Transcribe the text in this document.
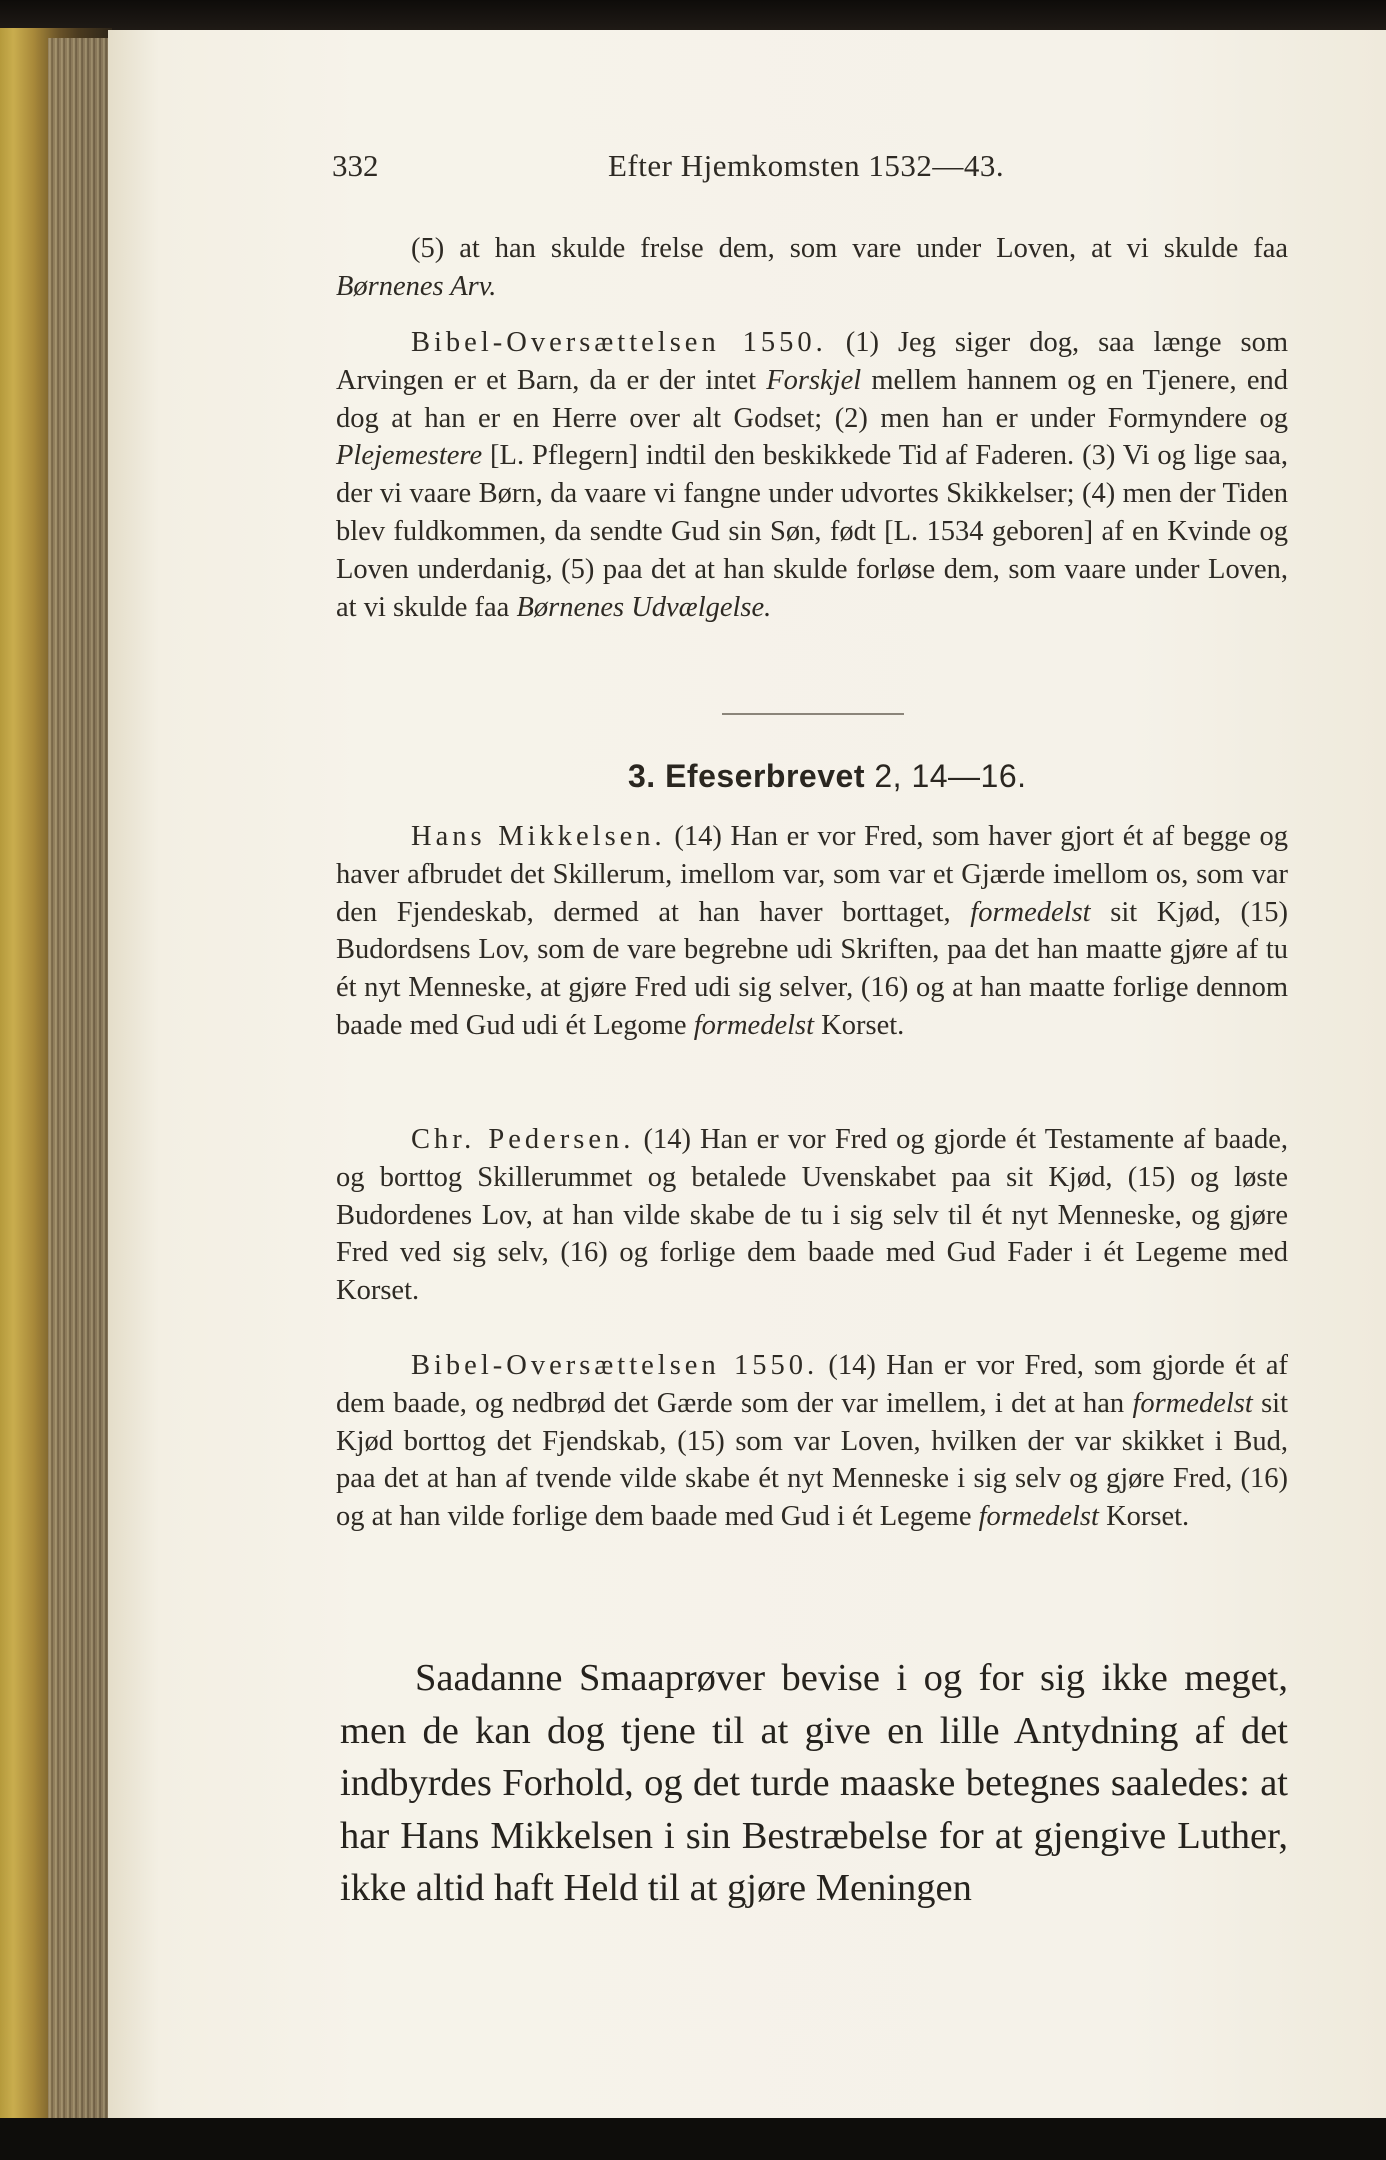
332	Efter Hjemkomsten 1532—43.

(5) at han skulde frelse dem, som vare under Loven, at vi skulde faa Børnenes Arv.

Bibel-Oversættelsen 1550. (1) Jeg siger dog, saa længe som Arvingen er et Barn, da er der intet Forskjel mellem hannem og en Tjenere, end dog at han er en Herre over alt Godset; (2) men han er under Formyndere og Plejemestere [L. Pflegern] indtil den beskikkede Tid af Faderen. (3) Vi og lige saa, der vi vaare Børn, da vaare vi fangne under udvortes Skikkelser; (4) men der Tiden blev fuldkommen, da sendte Gud sin Søn, født [L. 1534 geboren] af en Kvinde og Loven underdanig, (5) paa det at han skulde forløse dem, som vaare under Loven, at vi skulde faa Børnenes Udvælgelse.

3. Efeserbrevet 2, 14—16.

Hans Mikkelsen. (14) Han er vor Fred, som haver gjort ét af begge og haver afbrudet det Skillerum, imellom var, som var et Gjærde imellom os, som var den Fjendeskab, dermed at han haver borttaget, formedelst sit Kjød, (15) Budordsens Lov, som de vare begrebne udi Skriften, paa det han maatte gjøre af tu ét nyt Menneske, at gjøre Fred udi sig selver, (16) og at han maatte forlige dennom baade med Gud udi ét Legome formedelst Korset.

Chr. Pedersen. (14) Han er vor Fred og gjorde ét Testamente af baade, og borttog Skillerummet og betalede Uvenskabet paa sit Kjød, (15) og løste Budordenes Lov, at han vilde skabe de tu i sig selv til ét nyt Menneske, og gjøre Fred ved sig selv, (16) og forlige dem baade med Gud Fader i ét Legeme med Korset.

Bibel-Oversættelsen 1550. (14) Han er vor Fred, som gjorde ét af dem baade, og nedbrød det Gærde som der var imellem, i det at han formedelst sit Kjød borttog det Fjendskab, (15) som var Loven, hvilken der var skikket i Bud, paa det at han af tvende vilde skabe ét nyt Menneske i sig selv og gjøre Fred, (16) og at han vilde forlige dem baade med Gud i ét Legeme formedelst Korset.

Saadanne Smaaprøver bevise i og for sig ikke meget, men de kan dog tjene til at give en lille Antydning af det indbyrdes Forhold, og det turde maaske betegnes saaledes: at har Hans Mikkelsen i sin Bestræbelse for at gjengive Luther, ikke altid haft Held til at gjøre Meningen
